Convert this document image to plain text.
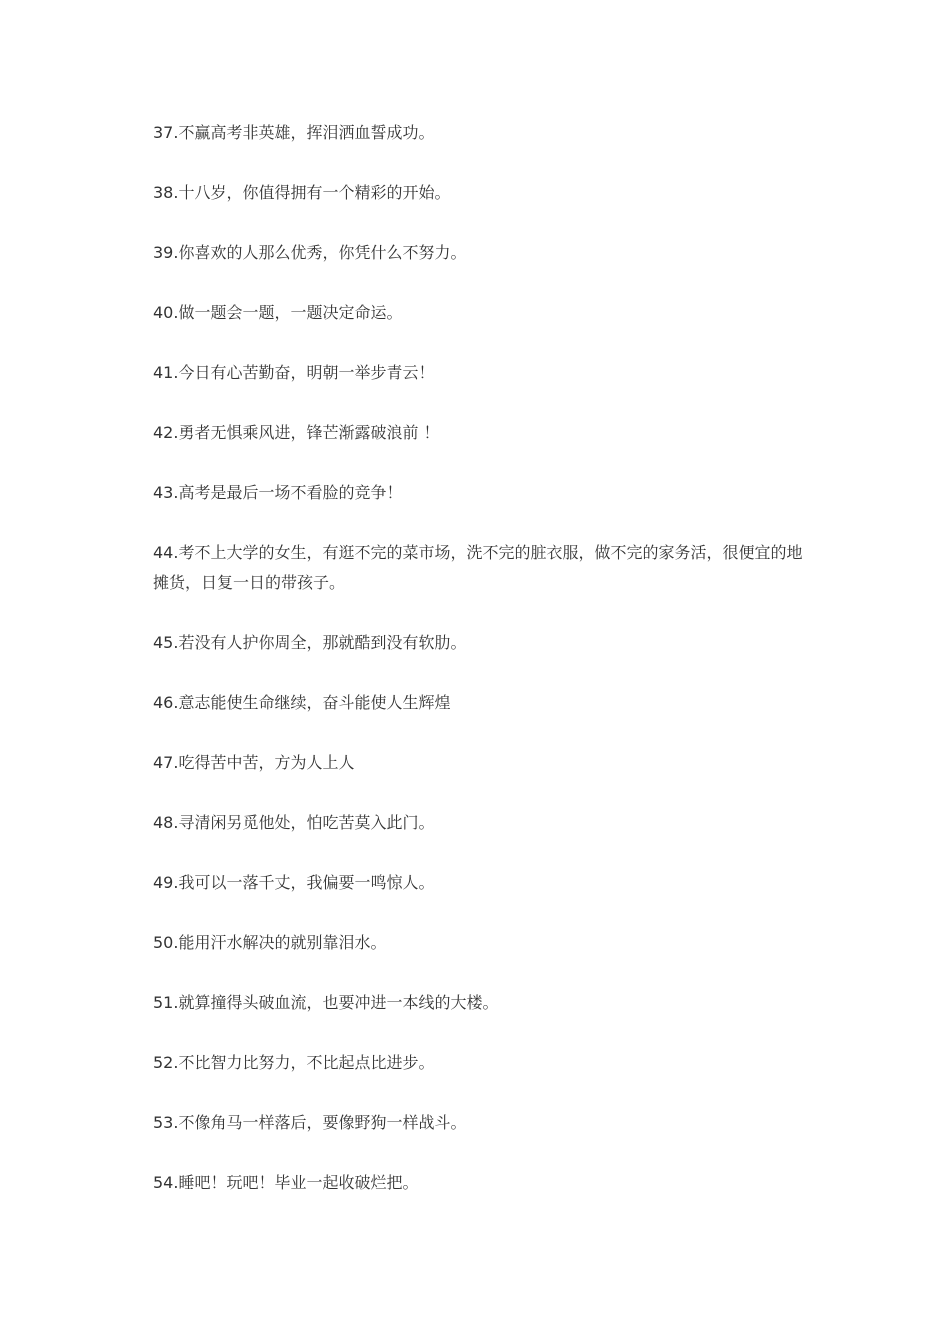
37.不赢高考非英雄，挥泪洒血誓成功。

38.十八岁，你值得拥有一个精彩的开始。

39.你喜欢的人那么优秀，你凭什么不努力。

40.做一题会一题，一题决定命运。

41.今日有心苦勤奋，明朝一举步青云！

42.勇者无惧乘风进，锋芒渐露破浪前 ！

43.高考是最后一场不看脸的竞争！

44.考不上大学的女生，有逛不完的菜市场，洗不完的脏衣服，做不完的家务活，很便宜的地摊货，日复一日的带孩子。

45.若没有人护你周全，那就酷到没有软肋。

46.意志能使生命继续，奋斗能使人生辉煌

47.吃得苦中苦，方为人上人

48.寻清闲另觅他处，怕吃苦莫入此门。

49.我可以一落千丈，我偏要一鸣惊人。

50.能用汗水解决的就别靠泪水。

51.就算撞得头破血流，也要冲进一本线的大楼。

52.不比智力比努力，不比起点比进步。

53.不像角马一样落后，要像野狗一样战斗。

54.睡吧！玩吧！毕业一起收破烂把。
